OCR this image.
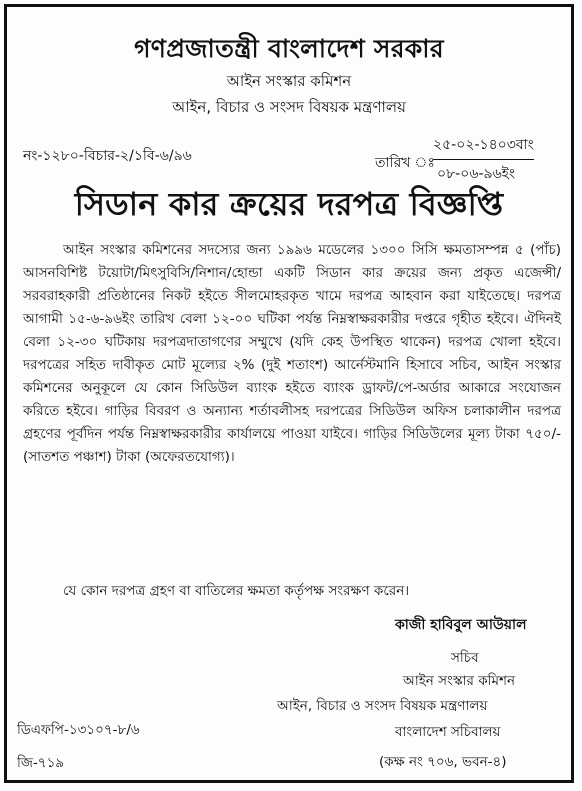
গণপ্রজাতন্ত্রী বাংলাদেশ সরকার
আইন সংস্কার কমিশন
আইন, বিচার ও সংসদ বিষয়ক মন্ত্রণালয়
নং-১২৮০-বিচার-২/১বি-৬/৯৬	তারিখ ঃ
২৫-০২-১৪০৩বাং
০৮-০৬-৯৬ইং
সিডান কার ক্রয়ের দরপত্র বিজ্ঞপ্তি

আইন সংস্কার কমিশনের সদস্যের জন্য ১৯৯৬ মডেলের ১৩০০ সিসি ক্ষমতাসম্পন্ন ৫ (পাঁচ) আসনবিশিষ্ট টয়োটা/মিৎসুবিসি/নিশান/হোন্ডা একটি সিডান কার ক্রয়ের জন্য প্রকৃত এজেন্সী/সরবরাহকারী প্রতিষ্ঠানের নিকট হইতে সীলমোহরকৃত খামে দরপত্র আহবান করা যাইতেছে। দরপত্র আগামী ১৫-৬-৯৬ইং তারিখ বেলা ১২-০০ ঘটিকা পর্যন্ত নিম্নস্বাক্ষরকারীর দপ্তরে গৃহীত হইবে। ঐদিনই বেলা ১২-৩০ ঘটিকায় দরপত্রদাতাগণের সম্মুখে (যদি কেহ উপস্থিত থাকেন) দরপত্র খোলা হইবে। দরপত্রের সহিত দাবীকৃত মোট মূল্যের ২% (দুই শতাংশ) আর্নেস্টমানি হিসাবে সচিব, আইন সংস্কার কমিশনের অনুকূলে যে কোন সিডিউল ব্যাংক হইতে ব্যাংক ড্রাফট/পে-অর্ডার আকারে সংযোজন করিতে হইবে। গাড়ির বিবরণ ও অন্যান্য শর্তাবলীসহ দরপত্রের সিডিউল অফিস চলাকালীন দরপত্র গ্রহণের পূর্বদিন পর্যন্ত নিম্নস্বাক্ষরকারীর কার্যালয়ে পাওয়া যাইবে। গাড়ির সিডিউলের মূল্য টাকা ৭৫০/- (সাতশত পঞ্চাশ) টাকা (অফেরতযোগ্য)।

যে কোন দরপত্র গ্রহণ বা বাতিলের ক্ষমতা কর্তৃপক্ষ সংরক্ষণ করেন।
কাজী হাবিবুল আউয়াল
সচিব
আইন সংস্কার কমিশন
আইন, বিচার ও সংসদ বিষয়ক মন্ত্রণালয়
বাংলাদেশ সচিবালয়
(কক্ষ নং ৭০৬, ভবন-৪)
ডিএফপি-১৩১০৭-৮/৬
জি-৭১৯
